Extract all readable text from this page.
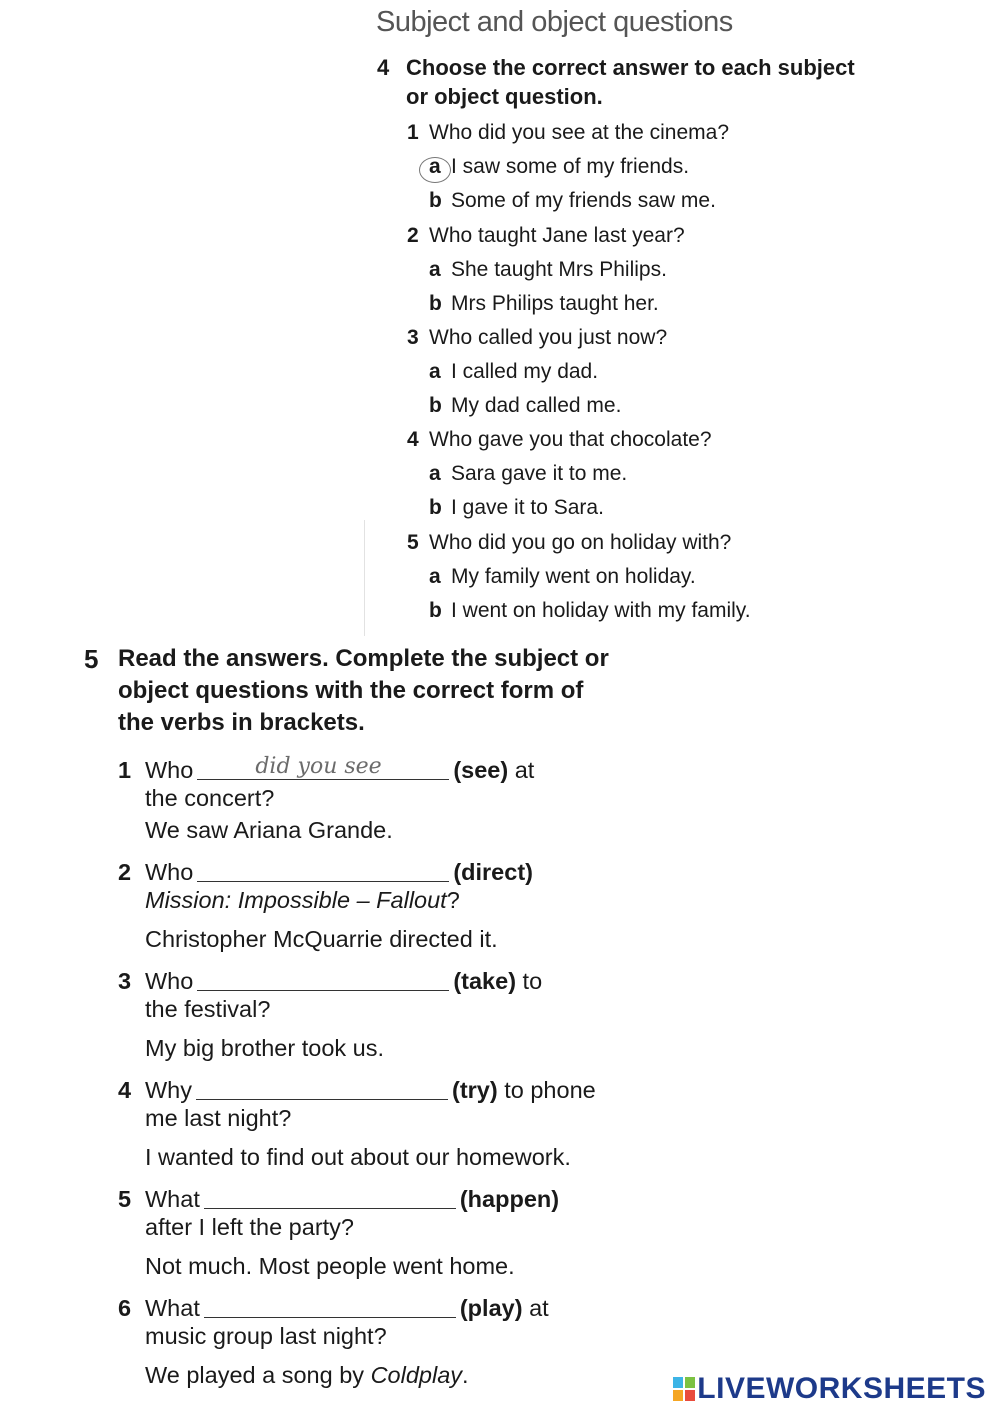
Subject and object questions
4 Choose the correct answer to each subject
or object question.
1 Who did you see at the cinema?
a I saw some of my friends.
b Some of my friends saw me.
2 Who taught Jane last year?
a She taught Mrs Philips.
b Mrs Philips taught her.
3 Who called you just now?
a I called my dad.
b My dad called me.
4 Who gave you that chocolate?
a Sara gave it to me.
b I gave it to Sara.
5 Who did you go on holiday with?
a My family went on holiday.
b I went on holiday with my family.
5 Read the answers. Complete the subject or
object questions with the correct form of
the verbs in brackets.
1 Who	did you see	(see) at
the concert?
We saw Ariana Grande.
2 Who	(direct)
Mission: Impossible – Fallout?
Christopher McQuarrie directed it.
3 Who	(take) to
the festival?
My big brother took us.
4 Why	(try) to phone
me last night?
I wanted to find out about our homework.
5 What	(happen)
after I left the party?
Not much. Most people went home.
6 What	(play) at
music group last night?
We played a song by Coldplay.	LIVEWORKSHEETS
